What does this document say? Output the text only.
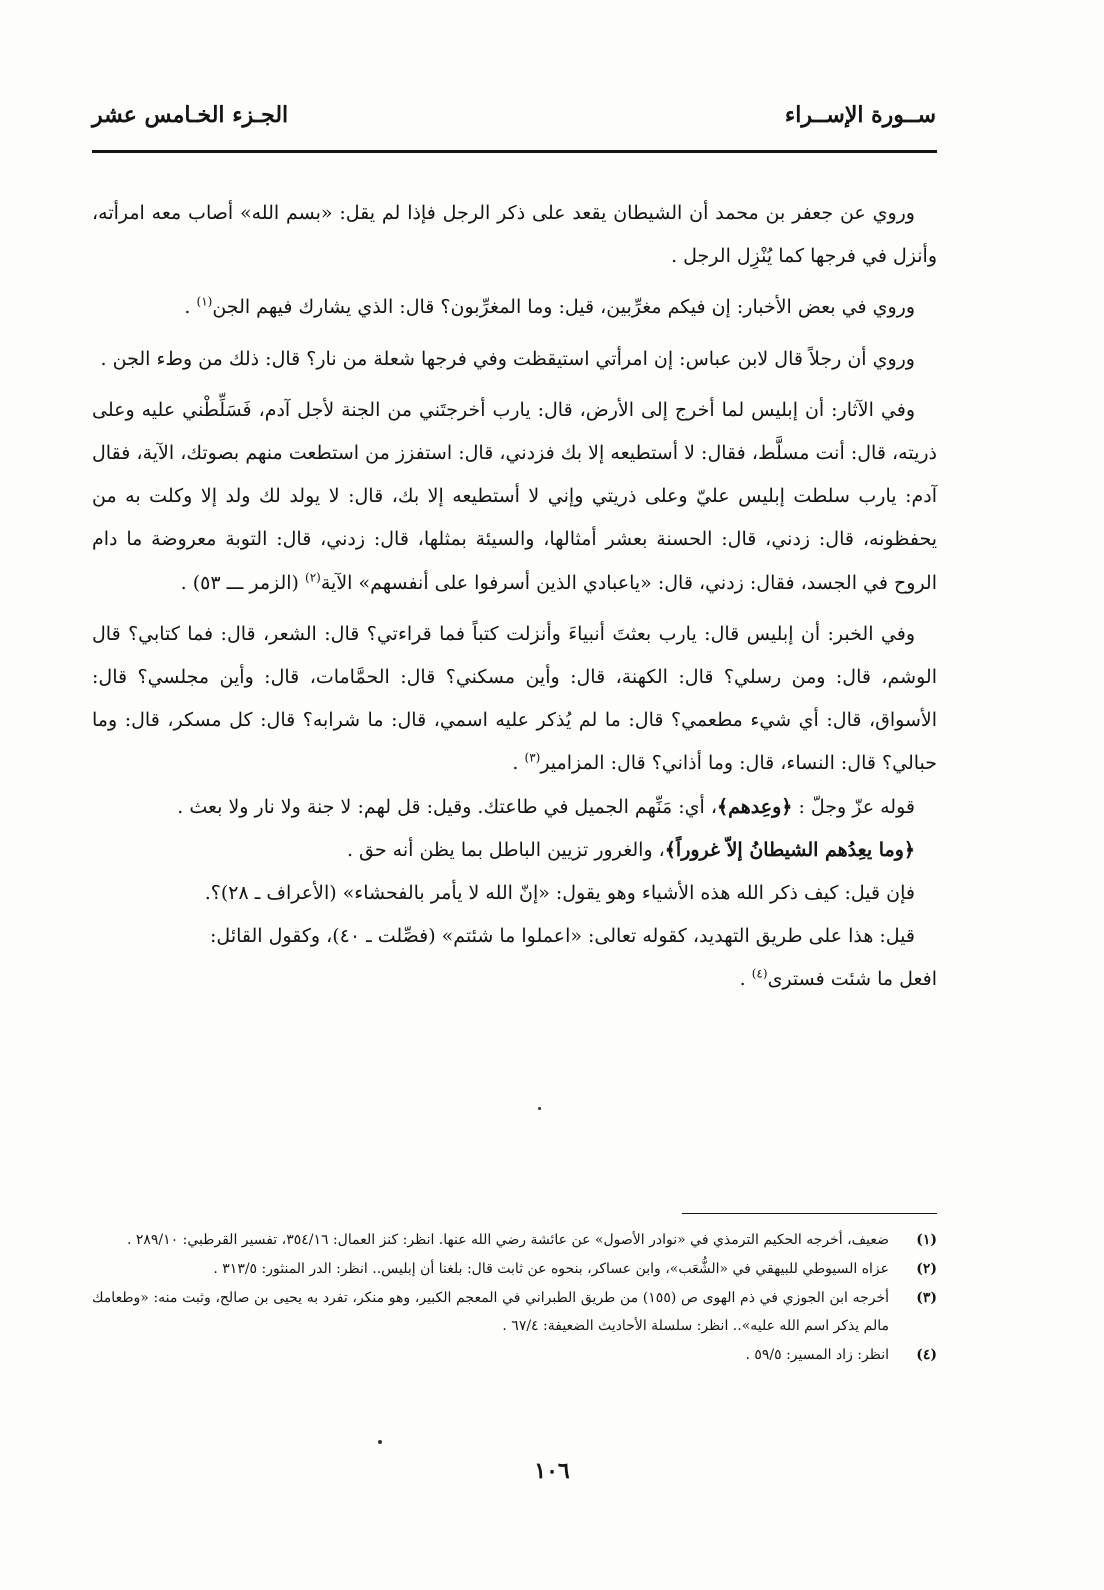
ســورة الإســراء
الجـزء الخـامس عشر

وروي عن جعفر بن محمد أن الشيطان يقعد على ذكر الرجل فإذا لم يقل: «بسم الله» أصاب معه امرأته، وأنزل في فرجها كما يُنْزِل الرجل .

وروي في بعض الأخبار: إن فيكم مغرِّبين، قيل: وما المغرِّبون؟ قال: الذي يشارك فيهم الجن$^{(١)}$ .

وروي أن رجلاً قال لابن عباس: إن امرأتي استيقظت وفي فرجها شعلة من نار؟ قال: ذلك من وطء الجن .

وفي الآثار: أن إبليس لما أخرج إلى الأرض، قال: يارب أخرجتَني من الجنة لأجل آدم، فَسَلِّطْني عليه وعلى ذريته، قال: أنت مسلَّط، فقال: لا أستطيعه إلا بك فزدني، قال: استفزز من استطعت منهم بصوتك، الآية، فقال آدم: يارب سلطت إبليس عليّ وعلى ذريتي وإني لا أستطيعه إلا بك، قال: لا يولد لك ولد إلا وكلت به من يحفظونه، قال: زدني، قال: الحسنة بعشر أمثالها، والسيئة بمثلها، قال: زدني، قال: التوبة معروضة ما دام الروح في الجسد، فقال: زدني، قال: «ياعبادي الذين أسرفوا على أنفسهم» الآية$^{(٢)}$ (الزمر ـــ ٥٣) .

وفي الخبر: أن إبليس قال: يارب بعثتَ أنبياءَ وأنزلت كتباً فما قراءتي؟ قال: الشعر، قال: فما كتابي؟ قال الوشم، قال: ومن رسلي؟ قال: الكهنة، قال: وأين مسكني؟ قال: الحمَّامات، قال: وأين مجلسي؟ قال: الأسواق، قال: أي شيء مطعمي؟ قال: ما لم يُذكر عليه اسمي، قال: ما شرابه؟ قال: كل مسكر، قال: وما حبالي؟ قال: النساء، قال: وما أذاني؟ قال: المزامير$^{(٣)}$ .

قوله عزّ وجلّ : ﴿وعِدهم﴾، أي: مَنِّهم الجميل في طاعتك. وقيل: قل لهم: لا جنة ولا نار ولا بعث .

﴿وما يعِدُهم الشيطانُ إلاّ غروراً﴾، والغرور تزيين الباطل بما يظن أنه حق .

فإن قيل: كيف ذكر الله هذه الأشياء وهو يقول: «إنّ الله لا يأمر بالفحشاء» (الأعراف ـ ٢٨)؟.

قيل: هذا على طريق التهديد، كقوله تعالى: «اعملوا ما شئتم» (فصِّلت ـ ٤٠)، وكقول القائل:

افعل ما شئت فسترى$^{(٤)}$ .

(١)
ضعيف، أخرجه الحكيم الترمذي في «نوادر الأصول» عن عائشة رضي الله عنها. انظر: كنز العمال: ٣٥٤/١٦، تفسير القرطبي: ٢٨٩/١٠ .
(٢)
عزاه السيوطي للبيهقي في «الشُّعَب»، وابن عساكر، بنحوه عن ثابت قال: بلغنا أن إبليس.. انظر: الدر المنثور: ٣١٣/٥ .
(٣)
أخرجه ابن الجوزي في ذم الهوى ص (١٥٥) من طريق الطبراني في المعجم الكبير، وهو منكر، تفرد به يحيى بن صالح، وثبت منه: «وطعامك مالم يذكر اسم الله عليه».. انظر: سلسلة الأحاديث الضعيفة: ٦٧/٤ .
(٤)
انظر: زاد المسير: ٥٩/٥ .
١٠٦
